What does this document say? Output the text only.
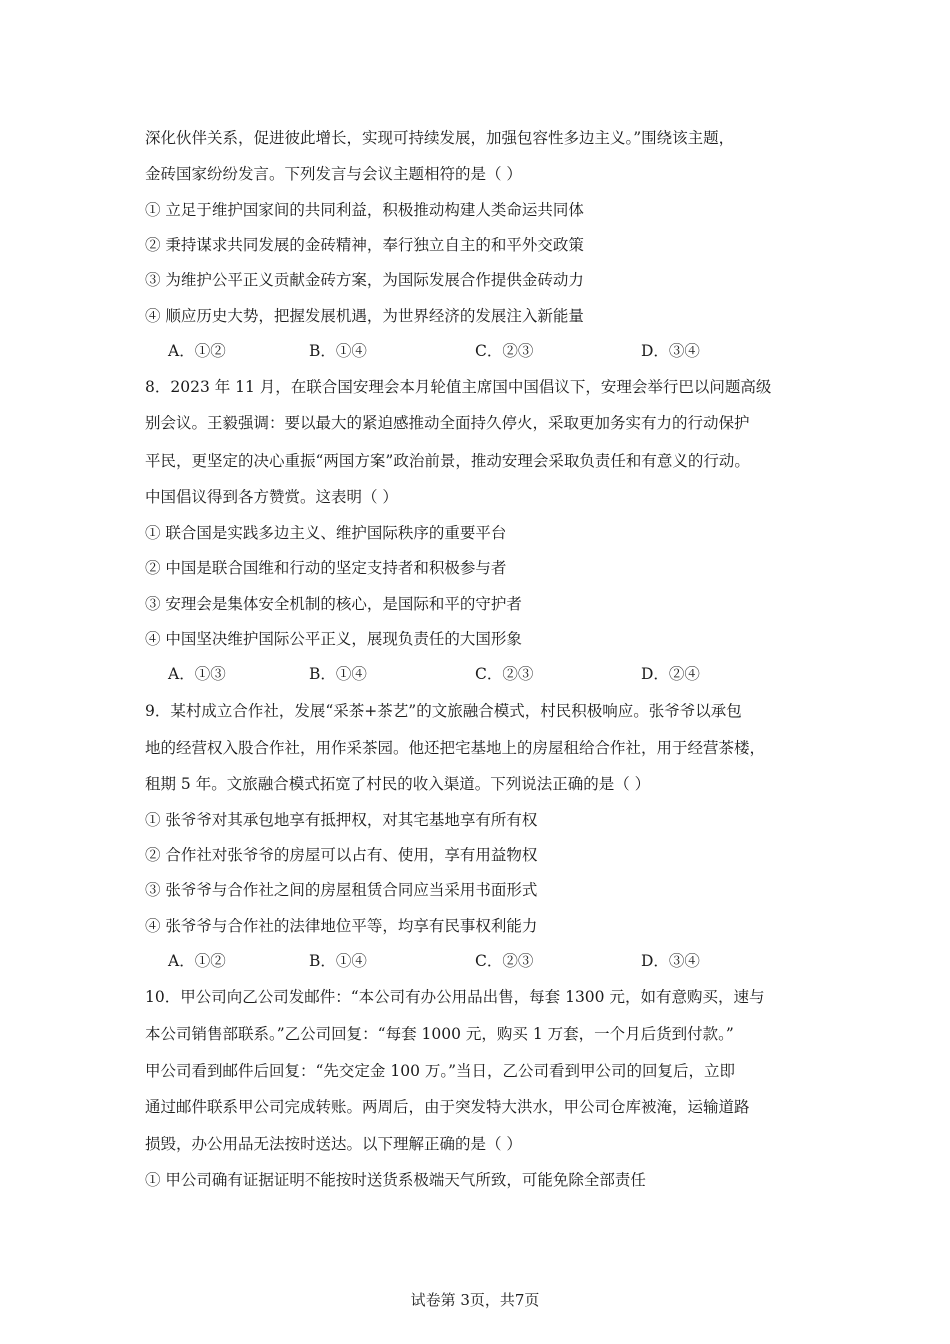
深化伙伴关系，促进彼此增长，实现可持续发展，加强包容性多边主义。”围绕该主题，
金砖国家纷纷发言。下列发言与会议主题相符的是（ ）
① 立足于维护国家间的共同利益，积极推动构建人类命运共同体
② 秉持谋求共同发展的金砖精神，奉行独立自主的和平外交政策
③ 为维护公平正义贡献金砖方案，为国际发展合作提供金砖动力
④ 顺应历史大势，把握发展机遇，为世界经济的发展注入新能量
A．①②	B．①④	C．②③	D．③④
8．2023 年 11 月，在联合国安理会本月轮值主席国中国倡议下，安理会举行巴以问题高级
别会议。王毅强调：要以最大的紧迫感推动全面持久停火，采取更加务实有力的行动保护
平民，更坚定的决心重振“两国方案”政治前景，推动安理会采取负责任和有意义的行动。
中国倡议得到各方赞赏。这表明（ ）
① 联合国是实践多边主义、维护国际秩序的重要平台
② 中国是联合国维和行动的坚定支持者和积极参与者
③ 安理会是集体安全机制的核心，是国际和平的守护者
④ 中国坚决维护国际公平正义，展现负责任的大国形象
A．①③	B．①④	C．②③	D．②④
9．某村成立合作社，发展“采茶+茶艺”的文旅融合模式，村民积极响应。张爷爷以承包
地的经营权入股合作社，用作采茶园。他还把宅基地上的房屋租给合作社，用于经营茶楼，
租期 5 年。文旅融合模式拓宽了村民的收入渠道。下列说法正确的是（ ）
① 张爷爷对其承包地享有抵押权，对其宅基地享有所有权
② 合作社对张爷爷的房屋可以占有、使用，享有用益物权
③ 张爷爷与合作社之间的房屋租赁合同应当采用书面形式
④ 张爷爷与合作社的法律地位平等，均享有民事权利能力
A．①②	B．①④	C．②③	D．③④
10．甲公司向乙公司发邮件：“本公司有办公用品出售，每套 1300 元，如有意购买，速与
本公司销售部联系。”乙公司回复：“每套 1000 元，购买 1 万套，一个月后货到付款。”
甲公司看到邮件后回复：“先交定金 100 万。”当日，乙公司看到甲公司的回复后，立即
通过邮件联系甲公司完成转账。两周后，由于突发特大洪水，甲公司仓库被淹，运输道路
损毁，办公用品无法按时送达。以下理解正确的是（ ）
① 甲公司确有证据证明不能按时送货系极端天气所致，可能免除全部责任
试卷第 3页，共7页
